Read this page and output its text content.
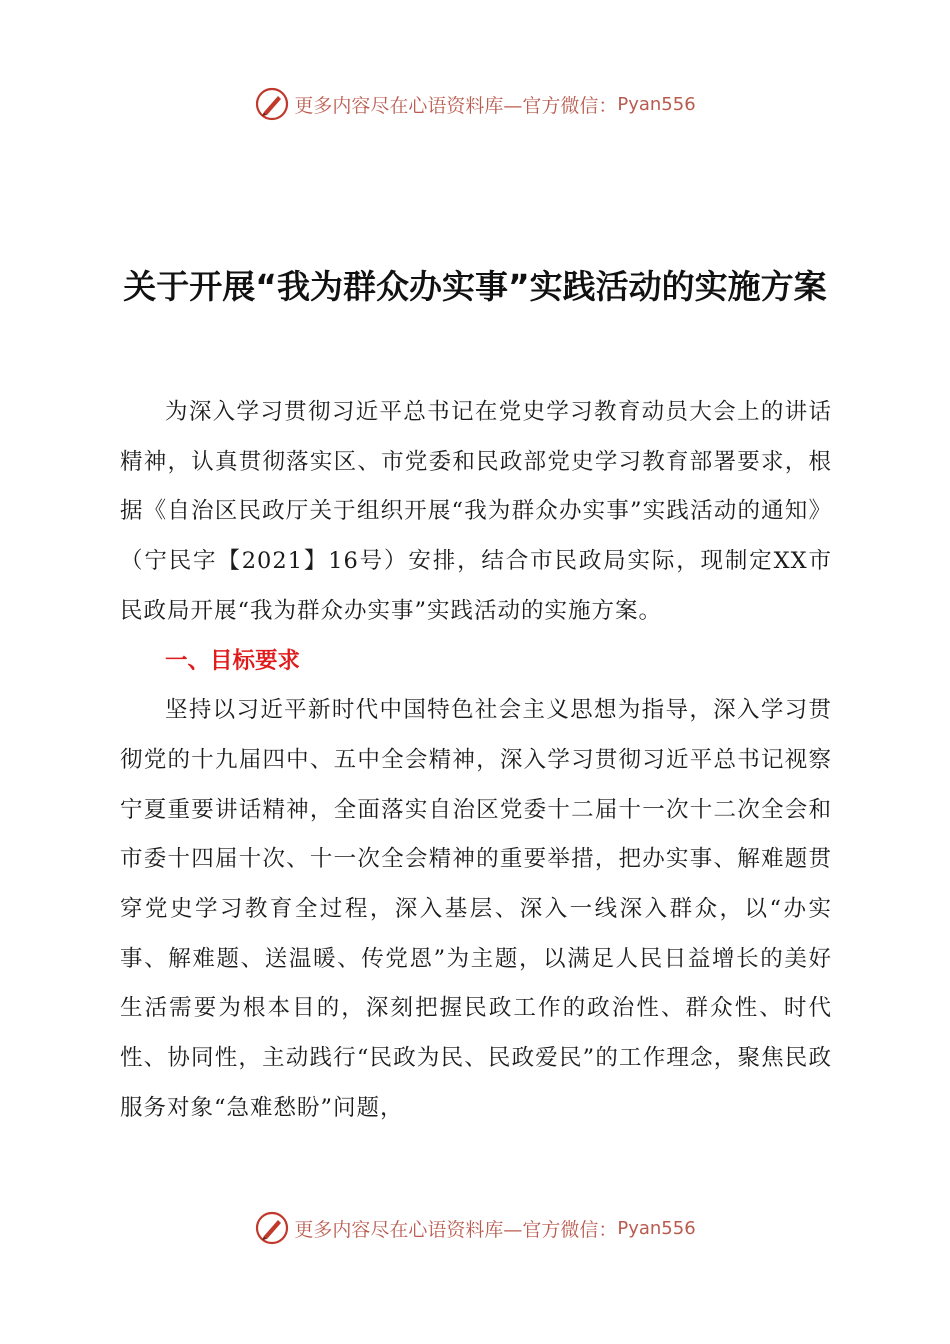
更多内容尽在心语资料库—官方微信： Pyan556
关于开展“我为群众办实事”实践活动的实施方案

为深入学习贯彻习近平总书记在党史学习教育动员大会上的讲话精神，认真贯彻落实区、市党委和民政部党史学习教育部署要求，根据《自治区民政厅关于组织开展“我为群众办实事”实践活动的通知》（宁民字【2021】16号）安排，结合市民政局实际，现制定XX市民政局开展“我为群众办实事”实践活动的实施方案。

一、目标要求

坚持以习近平新时代中国特色社会主义思想为指导，深入学习贯彻党的十九届四中、五中全会精神，深入学习贯彻习近平总书记视察宁夏重要讲话精神，全面落实自治区党委十二届十一次十二次全会和市委十四届十次、十一次全会精神的重要举措，把办实事、解难题贯穿党史学习教育全过程，深入基层、深入一线深入群众，以“办实事、解难题、送温暖、传党恩”为主题，以满足人民日益增长的美好生活需要为根本目的，深刻把握民政工作的政治性、群众性、时代性、协同性，主动践行“民政为民、民政爱民”的工作理念，聚焦民政服务对象“急难愁盼”问题，

更多内容尽在心语资料库—官方微信： Pyan556
